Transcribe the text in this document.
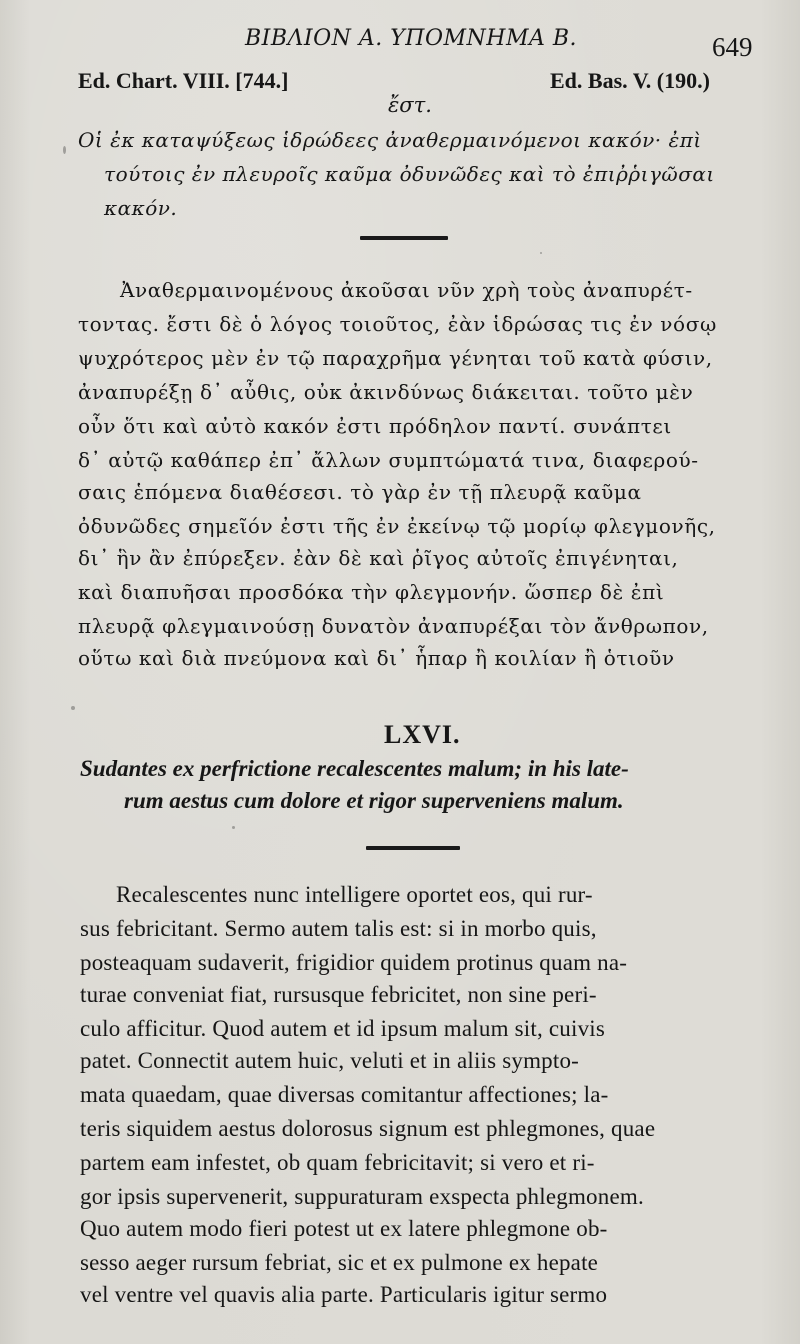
ΒΙΒΛΙΟΝ Α. ΥΠΟΜΝΗΜΑ Β.	649
Ed. Chart. VIII. [744.]	Ed. Bas. V. (190.)
ἔστ.
Οἱ ἐκ καταψύξεως ἱδρώδεες ἀναθερμαινόμενοι κακόν· ἐπὶ
τούτοις ἐν πλευροῖς καῦμα ὀδυνῶδες καὶ τὸ ἐπιῤῥιγῶσαι
κακόν.
Ἀναθερμαινομένους ἀκοῦσαι νῦν χρὴ τοὺς ἀναπυρέτ-
τοντας. ἔστι δὲ ὁ λόγος τοιοῦτος, ἐὰν ἱδρώσας τις ἐν νόσῳ
ψυχρότερος μὲν ἐν τῷ παραχρῆμα γένηται τοῦ κατὰ φύσιν,
ἀναπυρέξῃ δ᾽ αὖθις, οὐκ ἀκινδύνως διάκειται. τοῦτο μὲν
οὖν ὅτι καὶ αὐτὸ κακόν ἐστι πρόδηλον παντί. συνάπτει
δ᾽ αὐτῷ καθάπερ ἐπ᾽ ἄλλων συμπτώματά τινα, διαφερού-
σαις ἑπόμενα διαθέσεσι. τὸ γὰρ ἐν τῇ πλευρᾷ καῦμα
ὀδυνῶδες σημεῖόν ἐστι τῆς ἐν ἐκείνῳ τῷ μορίῳ φλεγμονῆς,
δι᾽ ἣν ἂν ἐπύρεξεν. ἐὰν δὲ καὶ ῥῖγος αὐτοῖς ἐπιγένηται,
καὶ διαπυῆσαι προσδόκα τὴν φλεγμονήν. ὥσπερ δὲ ἐπὶ
πλευρᾷ φλεγμαινούσῃ δυνατὸν ἀναπυρέξαι τὸν ἄνθρωπον,
οὕτω καὶ διὰ πνεύμονα καὶ δι᾽ ἧπαρ ἢ κοιλίαν ἢ ὁτιοῦν
LXVI.
Sudantes ex perfrictione recalescentes malum; in his late-
rum aestus cum dolore et rigor superveniens malum.
Recalescentes nunc intelligere oportet eos, qui rur-
sus febricitant. Sermo autem talis est: si in morbo quis,
posteaquam sudaverit, frigidior quidem protinus quam na-
turae conveniat fiat, rursusque febricitet, non sine peri-
culo afficitur. Quod autem et id ipsum malum sit, cuivis
patet. Connectit autem huic, veluti et in aliis sympto-
mata quaedam, quae diversas comitantur affectiones; la-
teris siquidem aestus dolorosus signum est phlegmones, quae
partem eam infestet, ob quam febricitavit; si vero et ri-
gor ipsis supervenerit, suppuraturam exspecta phlegmonem.
Quo autem modo fieri potest ut ex latere phlegmone ob-
sesso aeger rursum febriat, sic et ex pulmone ex hepate
vel ventre vel quavis alia parte. Particularis igitur sermo
